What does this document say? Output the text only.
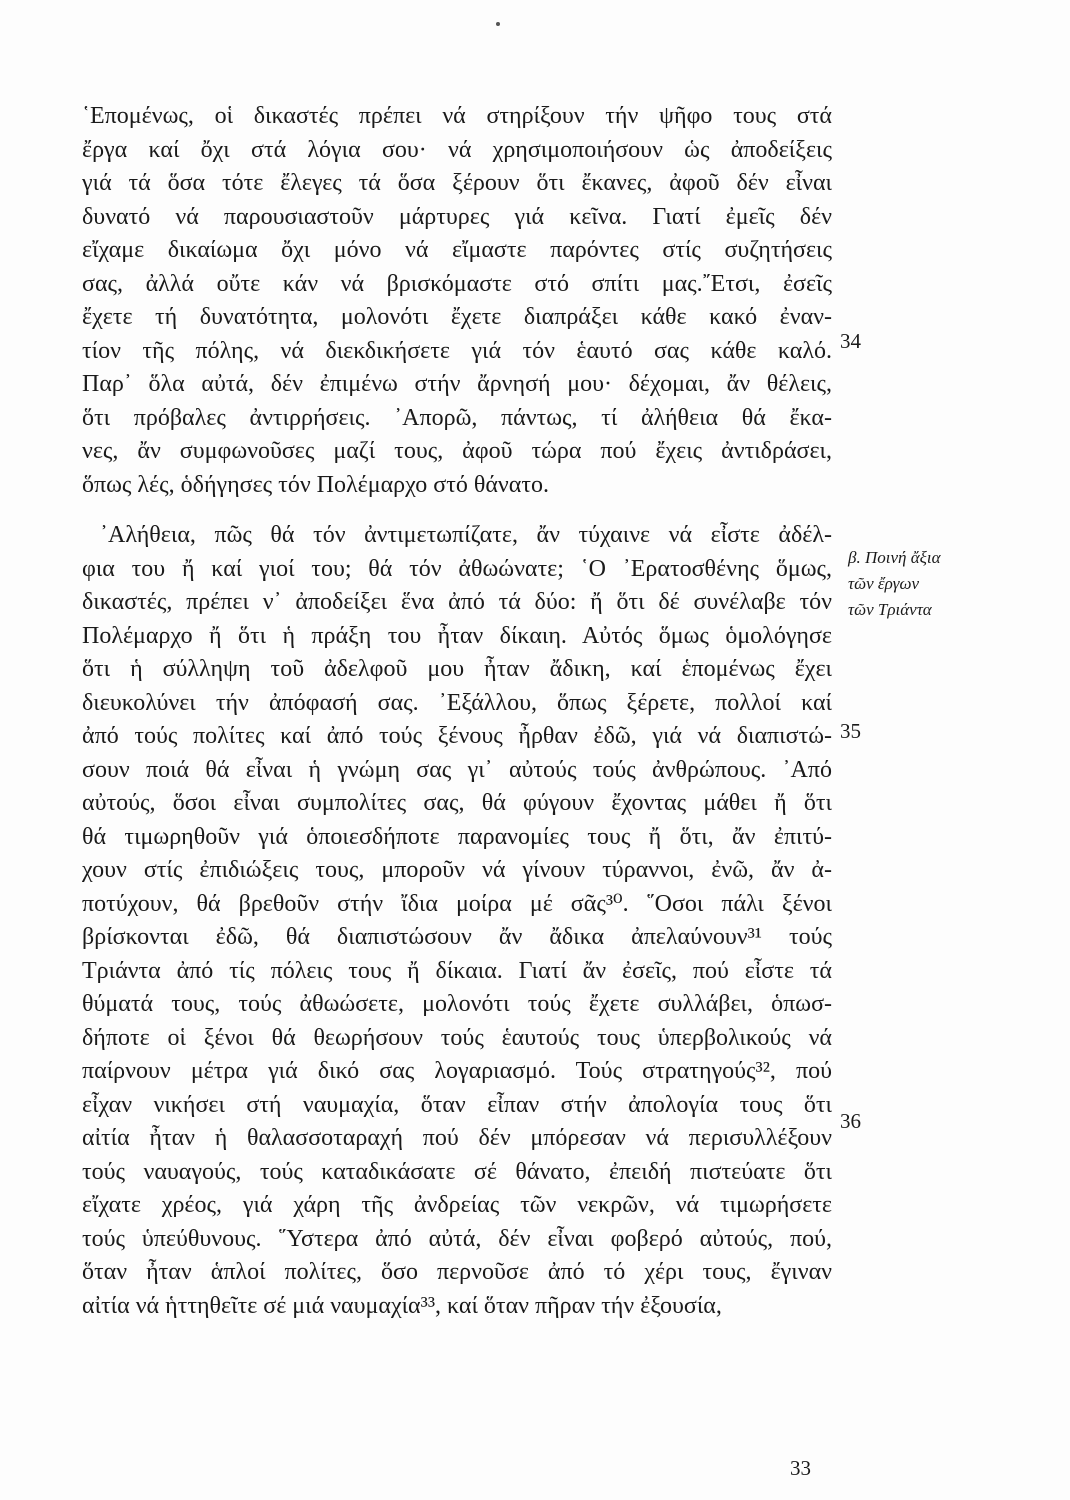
῾Επομένως, οἱ δικαστές πρέπει νά στηρίξουν τήν ψῆφο τους στά
ἔργα καί ὄχι στά λόγια σου· νά χρησιμοποιήσουν ὡς ἀποδείξεις
γιά τά ὅσα τότε ἔλεγες τά ὅσα ξέρουν ὅτι ἔκανες, ἀφοῦ δέν εἶναι
δυνατό νά παρουσιαστοῦν μάρτυρες γιά κεῖνα. Γιατί ἐμεῖς δέν
εἴχαμε δικαίωμα ὄχι μόνο νά εἴμαστε παρόντες στίς συζητήσεις
σας, ἀλλά οὔτε κάν νά βρισκόμαστε στό σπίτι μας.῎Ετσι, ἐσεῖς
ἔχετε τή δυνατότητα, μολονότι ἔχετε διαπράξει κάθε κακό ἐναν-
τίον τῆς πόλης, νά διεκδικήσετε γιά τόν ἑαυτό σας κάθε καλό.
Παρ᾿ ὅλα αὐτά, δέν ἐπιμένω στήν ἄρνησή μου· δέχομαι, ἄν θέλεις,
ὅτι πρόβαλες ἀντιρρήσεις. ᾿Απορῶ, πάντως, τί ἀλήθεια θά ἔκα-
νες, ἄν συμφωνοῦσες μαζί τους, ἀφοῦ τώρα πού ἔχεις ἀντιδράσει,
ὅπως λές, ὁδήγησες τόν Πολέμαρχο στό θάνατο.
᾿Αλήθεια, πῶς θά τόν ἀντιμετωπίζατε, ἄν τύχαινε νά εἶστε ἀδέλ-
φια του ἤ καί γιοί του; θά τόν ἀθωώνατε; ῾Ο ᾿Ερατοσθένης ὅμως,
δικαστές, πρέπει ν᾿ ἀποδείξει ἕνα ἀπό τά δύο: ἤ ὅτι δέ συνέλαβε τόν
Πολέμαρχο ἤ ὅτι ἡ πράξη του ἦταν δίκαιη. Αὐτός ὅμως ὁμολόγησε
ὅτι ἡ σύλληψη τοῦ ἀδελφοῦ μου ἦταν ἄδικη, καί ἑπομένως ἔχει
διευκολύνει τήν ἀπόφασή σας. ᾿Εξάλλου, ὅπως ξέρετε, πολλοί καί
ἀπό τούς πολίτες καί ἀπό τούς ξένους ἦρθαν ἐδῶ, γιά νά διαπιστώ-
σουν ποιά θά εἶναι ἡ γνώμη σας γι᾿ αὐτούς τούς ἀνθρώπους. ᾿Από
αὐτούς, ὅσοι εἶναι συμπολίτες σας, θά φύγουν ἔχοντας μάθει ἤ ὅτι
θά τιμωρηθοῦν γιά ὁποιεσδήποτε παρανομίες τους ἤ ὅτι, ἄν ἐπιτύ-
χουν στίς ἐπιδιώξεις τους, μποροῦν νά γίνουν τύραννοι, ἐνῶ, ἄν ἀ-
ποτύχουν, θά βρεθοῦν στήν ἴδια μοίρα μέ σᾶς³⁰. ῞Οσοι πάλι ξένοι
βρίσκονται ἐδῶ, θά διαπιστώσουν ἄν ἄδικα ἀπελαύνουν³¹ τούς
Τριάντα ἀπό τίς πόλεις τους ἤ δίκαια. Γιατί ἄν ἐσεῖς, πού εἶστε τά
θύματά τους, τούς ἀθωώσετε, μολονότι τούς ἔχετε συλλάβει, ὁπωσ-
δήποτε οἱ ξένοι θά θεωρήσουν τούς ἑαυτούς τους ὑπερβολικούς νά
παίρνουν μέτρα γιά δικό σας λογαριασμό. Τούς στρατηγούς³², πού
εἶχαν νικήσει στή ναυμαχία, ὅταν εἶπαν στήν ἀπολογία τους ὅτι
αἰτία ἦταν ἡ θαλασσοταραχή πού δέν μπόρεσαν νά περισυλλέξουν
τούς ναυαγούς, τούς καταδικάσατε σέ θάνατο, ἐπειδή πιστεύατε ὅτι
εἴχατε χρέος, γιά χάρη τῆς ἀνδρείας τῶν νεκρῶν, νά τιμωρήσετε
τούς ὑπεύθυνους. ῞Υστερα ἀπό αὐτά, δέν εἶναι φοβερό αὐτούς, πού,
ὅταν ἦταν ἁπλοί πολίτες, ὅσο περνοῦσε ἀπό τό χέρι τους, ἔγιναν
αἰτία νά ἡττηθεῖτε σέ μιά ναυμαχία³³, καί ὅταν πῆραν τήν ἐξουσία,
34
35
36
β. Ποινή ἄξια
τῶν ἔργων
τῶν Τριάντα
33
